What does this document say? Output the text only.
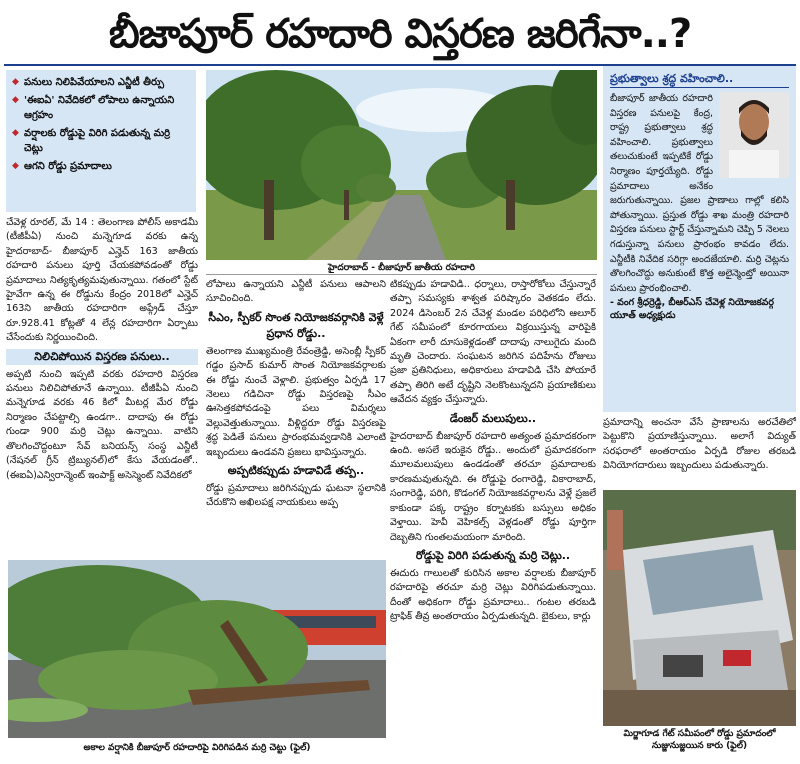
బీజాపూర్ రహదారి విస్తరణ జరిగేనా..?
◆ పనులు నిలిపివేయాలని ఎన్జీటీ తీర్పు
◆ 'ఈఐఏ' నివేదికలో లోపాలు ఉన్నాయని ఆగ్రహం
◆ వర్షాలకు రోడ్డుపై విరిగి పడుతున్న మర్రి చెట్లు
◆ ఆగని రోడ్డు ప్రమాదాలు

చేవెళ్ల రూరల్, మే 14 : తెలంగాణ పోలీస్ అకాడమీ (టీజీపీఏ) నుంచి మన్నెగూడ వరకు ఉన్న హైదరాబాద్- బీజాపూర్ ఎన్హెచ్ 163 జాతీయ రహదారి పనులు పూర్తి చేయకపోవడంతో రోడ్డు ప్రమాదాలు నిత్యకృత్యమవుతున్నాయి. గతంలో స్టేట్ హైవేగా ఉన్న ఈ రోడ్డును కేంద్రం 2018లో ఎన్హెచ్ 163ని జాతీయ రహదారిగా అప్గ్రేడ్ చేస్తూ రూ.928.41 కోట్లతో 4 లేన్ల రహదారిగా ఏర్పాటు చేసేందుకు నిర్ణయించింది.

నిలిచిపోయిన విస్తరణ పనులు..

అప్పటి నుంచి ఇప్పటి వరకు రహదారి విస్తరణ పనులు నిలిచిపోతూనే ఉన్నాయి. టీజీపీఏ నుంచి మన్నెగూడ వరకు 46 కిలో మీటర్ల మేర రోడ్డు నిర్మాణం చేపట్టాల్సి ఉండగా.. దాదాపు ఈ రోడ్డు గుండా 900 మర్రి చెట్లు ఉన్నాయి. వాటిని తొలగించొద్దంటూ సేవ్ బనియన్స్ సంస్థ ఎన్జీటీ (నేషనల్ గ్రీన్ ట్రిబ్యునల్)లో కేసు వేయడంతో.. (ఈఐఏ)ఎన్విరాన్మెంట్ ఇంపాక్ట్ అసెస్మెంట్ నివేదికలో

హైదరాబాద్ - బీజాపూర్ జాతీయ రహదారి

లోపాలు ఉన్నాయని ఎన్జీటీ పనులు ఆపాలని సూచించింది.

సీఎం, స్పీకర్ సొంత నియోజకవర్గానికి వెళ్లే ప్రధాన రోడ్డు..

తెలంగాణ ముఖ్యమంత్రి రేవంత్రెడ్డి, అసెంబ్లీ స్పీకర్ గడ్డం ప్రసాద్ కుమార్ సొంత నియోజకవర్గాలకు ఈ రోడ్డు నుంచే వెళ్లాలి. ప్రభుత్వం ఏర్పడి 17 నెలలు గడిచినా రోడ్డు విస్తరణపై సీఎం ఊసెత్తకపోవడంపై పలు విమర్శలు వెల్లువెత్తుతున్నాయి. వీళ్లిద్దరూ రోడ్డు విస్తరణపై శ్రద్ధ పెడితే పనులు ప్రారంభమవ్వడానికి ఎలాంటి ఇబ్బందులు ఉండవని ప్రజలు భావిస్తున్నారు.

అప్పటికప్పుడు హడావిడే తప్ప..

రోడ్డు ప్రమాదాలు జరిగినప్పుడు ఘటనా స్థలానికి చేరుకొని అఖిలపక్ష నాయకులు అప్ప

టికప్పుడు హడావిడి.. ధర్నాలు, రాస్తారోకోలు చేస్తున్నారే తప్పా సమస్యకు శాశ్వత పరిష్కారం వెతకడం లేదు. 2024 డిసెంబర్ 2న చేవెళ్ల మండల పరిధిలోని ఆలూర్ గేట్ సమీపంలో కూరగాయలు విక్రయిస్తున్న వారిపైకి ఏకంగా లారీ దూసుకెళ్లడంతో దాదాపు నాలుగైదు మంది మృతి చెందారు. సంఘటన జరిగిన పదిహేను రోజులు ప్రజా ప్రతినిధులు, అధికారులు హడావిడి చేసి పోయారే తప్పా తిరిగి అటే దృష్టిని నెలకొంటున్నదని ప్రయాణికులు ఆవేదన వ్యక్తం చేస్తున్నారు.

డేంజర్ మలుపులు..

హైదరాబాద్ బీజాపూర్ రహదారి అత్యంత ప్రమాదకరంగా ఉంది. అసలే ఇరుకైన రోడ్డు.. అందులో ప్రమాదకరంగా మూలమలుపులు ఉండడంతో తరచూ ప్రమాదాలకు కారణమవుతున్నది. ఈ రోడ్డుపై రంగారెడ్డి, వికారాబాద్, సంగారెడ్డి, పరిగి, కొడంగల్ నియోజకవర్గాలను వెళ్లే ప్రజలే కాకుండా పక్క రాష్ట్రం కర్నాటకకు బస్సులు అధికం వెళ్తాయి. హెవీ వెహికల్స్ వెళ్లడంతో రోడ్డు పూర్తిగా దెబ్బతిని గుంతలమయంగా మారింది.

రోడ్డుపై విరిగి పడుతున్న మర్రి చెట్లు..

ఈదురు గాలులతో కురిసిన అకాల వర్షాలకు బీజాపూర్ రహదారిపై తరచూ మర్రి చెట్లు విరిగిపడుతున్నాయి. దీంతో అధికంగా రోడ్డు ప్రమాదాలు.. గంటల తరబడి ట్రాఫిక్ తీవ్ర అంతరాయం ఏర్పడుతున్నది. బైకులు, కార్లు

అకాల వర్షానికి బీజాపూర్ రహదారిపై విరిగిపడిన మర్రి చెట్టు (ఫైల్)
ప్రభుత్వాలు శ్రద్ధ వహించాలి..
బీజాపూర్ జాతీయ రహదారి విస్తరణ పనులపై కేంద్ర, రాష్ట్ర ప్రభుత్వాలు శ్రద్ధ వహించాలి. ప్రభుత్వాలు తలుచుకుంటే ఇప్పటికే రోడ్డు నిర్మాణం పూర్తయ్యేది. రోడ్డు ప్రమాదాలు అనేకం జరుగుతున్నాయి. ప్రజల ప్రాణాలు గాల్లో కలిసి పోతున్నాయి. ప్రస్తుత రోడ్డు శాఖ మంత్రి రహదారి విస్తరణ పనులు స్టార్ట్ చేస్తున్నామని చెప్పి 5 నెలలు గడుస్తున్నా పనులు ప్రారంభం కావడం లేదు. ఎన్జీటీకి నివేదిక సరిగ్గా అందజేయాలి. మర్రి చెట్లను తొలగించొద్దు అనుకుంటే కొత్త అలైన్మెంట్తో అయినా పనులు ప్రారంభించాలి.
- వంగ శ్రీధర్రెడ్డి, బీఆర్ఎస్ చేవెళ్ల నియోజకవర్గ యూత్ అధ్యక్షుడు

ప్రమాదాన్ని అంచనా వేసే ప్రాణాలను అరచేతిలో పెట్టుకొని ప్రయాణిస్తున్నాయి. అలాగే విద్యుత్ సరఫరాలో అంతరాయం ఏర్పడి రోజుల తరబడి వినియోగదారులు ఇబ్బందులు పడుతున్నారు.

మిర్జాగూడ గేట్ సమీపంలో రోడ్డు ప్రమాదంలో నుజ్జునుజ్జయిన కారు (ఫైల్)
